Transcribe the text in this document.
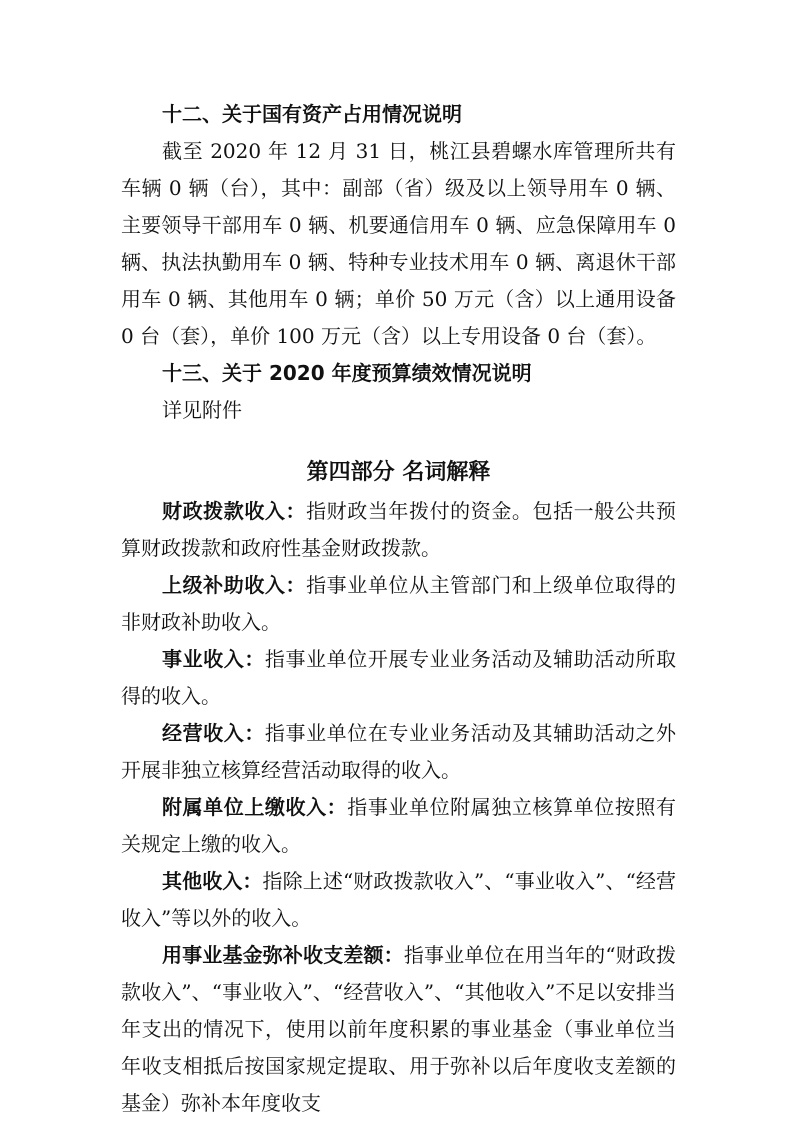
十二、关于国有资产占用情况说明

截至 2020 年 12 月 31 日，桃江县碧螺水库管理所共有车辆 0 辆（台），其中：副部（省）级及以上领导用车 0 辆、主要领导干部用车 0 辆、机要通信用车 0 辆、应急保障用车 0 辆、执法执勤用车 0 辆、特种专业技术用车 0 辆、离退休干部用车 0 辆、其他用车 0 辆；单价 50 万元（含）以上通用设备 0 台（套），单价 100 万元（含）以上专用设备 0 台（套）。

十三、关于 2020 年度预算绩效情况说明

详见附件

第四部分 名词解释

财政拨款收入：指财政当年拨付的资金。包括一般公共预算财政拨款和政府性基金财政拨款。

上级补助收入：指事业单位从主管部门和上级单位取得的非财政补助收入。

事业收入：指事业单位开展专业业务活动及辅助活动所取得的收入。

经营收入：指事业单位在专业业务活动及其辅助活动之外开展非独立核算经营活动取得的收入。

附属单位上缴收入：指事业单位附属独立核算单位按照有关规定上缴的收入。

其他收入：指除上述“财政拨款收入”、“事业收入”、“经营收入”等以外的收入。

用事业基金弥补收支差额：指事业单位在用当年的“财政拨款收入”、“事业收入”、“经营收入”、“其他收入”不足以安排当年支出的情况下，使用以前年度积累的事业基金（事业单位当年收支相抵后按国家规定提取、用于弥补以后年度收支差额的基金）弥补本年度收支
